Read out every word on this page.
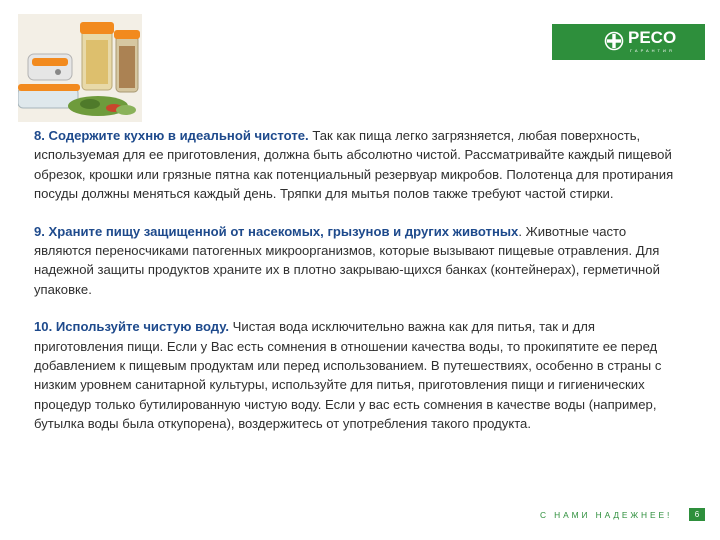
PECO
ГАРАНТИЯ

8. Содержите кухню в идеальной чистоте. Так как пища легко загрязняется, любая поверхность, используемая для ее приготовления, должна быть абсолютно чистой. Рассматривайте каждый пищевой обрезок, крошки или грязные пятна как потенциальный резервуар микробов. Полотенца для протирания посуды должны меняться каждый день. Тряпки для мытья полов также требуют частой стирки.

9. Храните пищу защищенной от насекомых, грызунов и других животных. Животные часто являются переносчиками патогенных микроорганизмов, которые вызывают пищевые отравления. Для надежной защиты продуктов храните их в плотно закрываю-щихся банках (контейнерах), герметичной упаковке.

10. Используйте чистую воду. Чистая вода исключительно важна как для питья, так и для приготовления пищи. Если у Вас есть сомнения в отношении качества воды, то прокипятите ее перед добавлением к пищевым продуктам или перед использованием. В путешествиях, особенно в страны с низким уровнем санитарной культуры, используйте для питья, приготовления пищи и гигиенических процедур только бутилированную чистую воду. Если у вас есть сомнения в качестве воды (например, бутылка воды была откупорена), воздержитесь от употребления такого продукта.

С НАМИ НАДЕЖНЕЕ!	6
